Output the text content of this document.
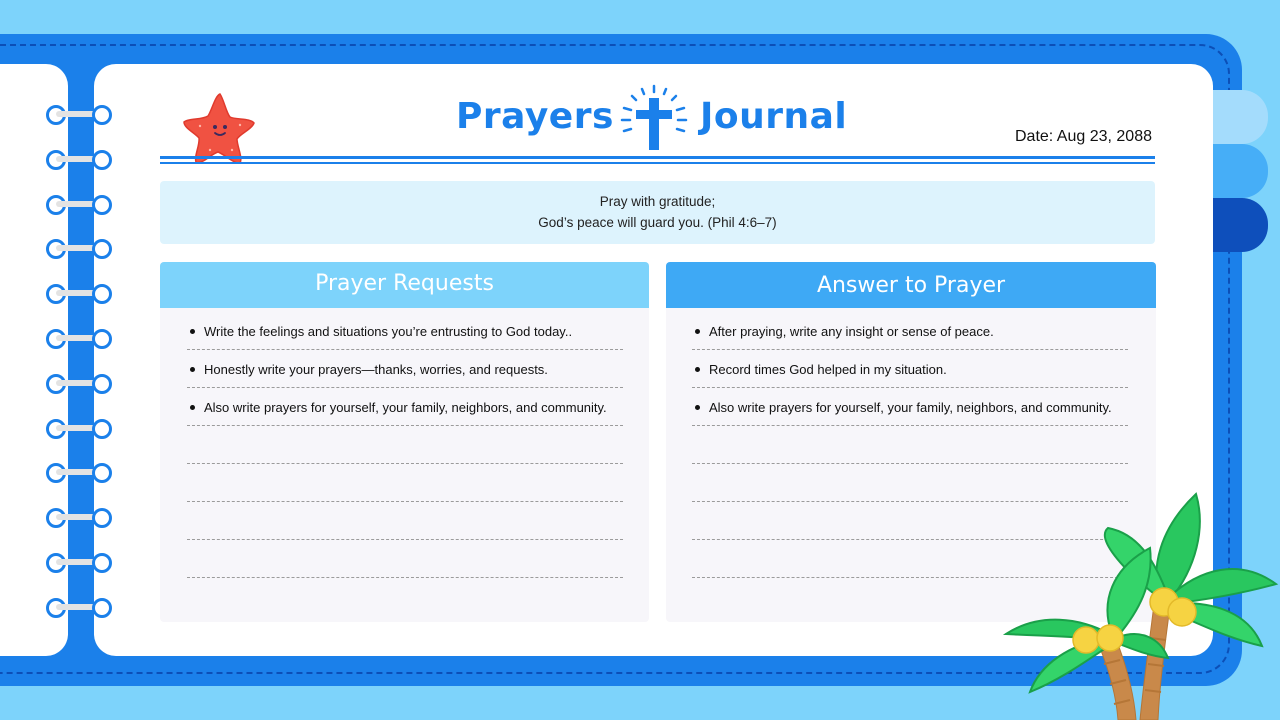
Prayers Journal	Date: Aug 23, 2088
Pray with gratitude;
God’s peace will guard you. (Phil 4:6–7)
Prayer Requests
Write the feelings and situations you’re entrusting to God today..
Honestly write your prayers—thanks, worries, and requests.
Also write prayers for yourself, your family, neighbors, and community.
Answer to Prayer
After praying, write any insight or sense of peace.
Record times God helped in my situation.
Also write prayers for yourself, your family, neighbors, and community.
